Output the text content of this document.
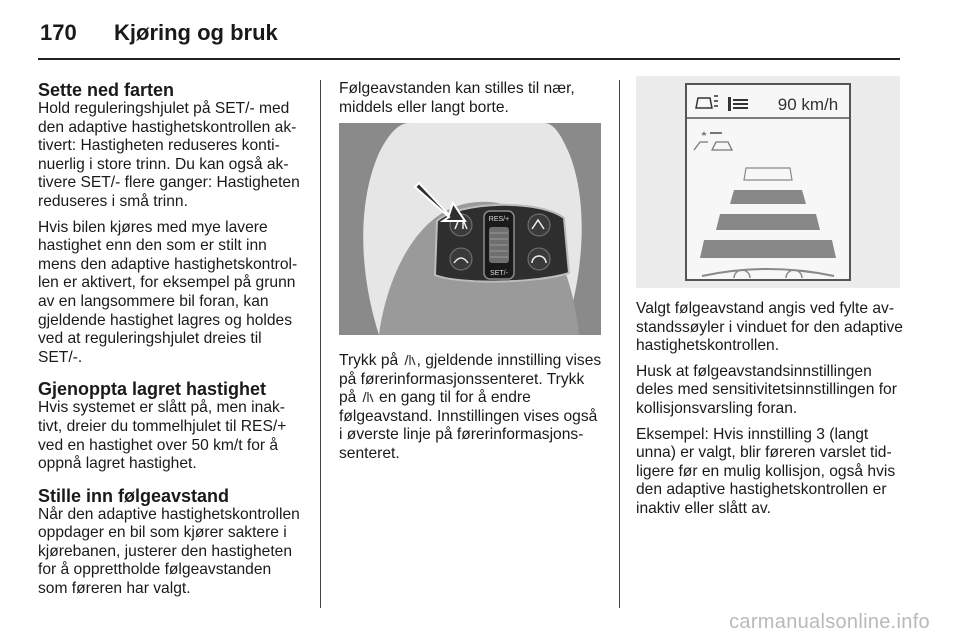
170 Kjøring og bruk
Sette ned farten

Hold reguleringshjulet på SET/- med den adaptive hastighetskontrollen aktivert: Hastigheten reduseres kontinuerlig i store trinn. Du kan også aktivere SET/- flere ganger: Hastigheten reduseres i små trinn.

Hvis bilen kjøres med mye lavere hastighet enn den som er stilt inn mens den adaptive hastighetskontrollen er aktivert, for eksempel på grunn av en langsommere bil foran, kan gjeldende hastighet lagres og holdes ved at reguleringshjulet dreies til SET/-.

Gjenoppta lagret hastighet

Hvis systemet er slått på, men inaktivt, dreier du tommelhjulet til RES/+ ved en hastighet over 50 km/t for å oppnå lagret hastighet.

Stille inn følgeavstand

Når den adaptive hastighetskontrollen oppdager en bil som kjører saktere i kjørebanen, justerer den hastigheten for å opprettholde følgeavstanden som føreren har valgt.

Følgeavstanden kan stilles til nær, middels eller langt borte.

RES/+
SET/-

Trykk på , gjeldende innstilling vises på førerinformasjonssenteret. Trykk på  en gang til for å endre følgeavstand. Innstillingen vises også i øverste linje på førerinformasjonssenteret.

90 km/h

Valgt følgeavstand angis ved fylte avstandssøyler i vinduet for den adaptive hastighetskontrollen.

Husk at følgeavstandsinnstillingen deles med sensitivitetsinnstillingen for kollisjonsvarsling foran.

Eksempel: Hvis innstilling 3 (langt unna) er valgt, blir føreren varslet tidligere før en mulig kollisjon, også hvis den adaptive hastighetskontrollen er inaktiv eller slått av.

carmanualsonline.info
